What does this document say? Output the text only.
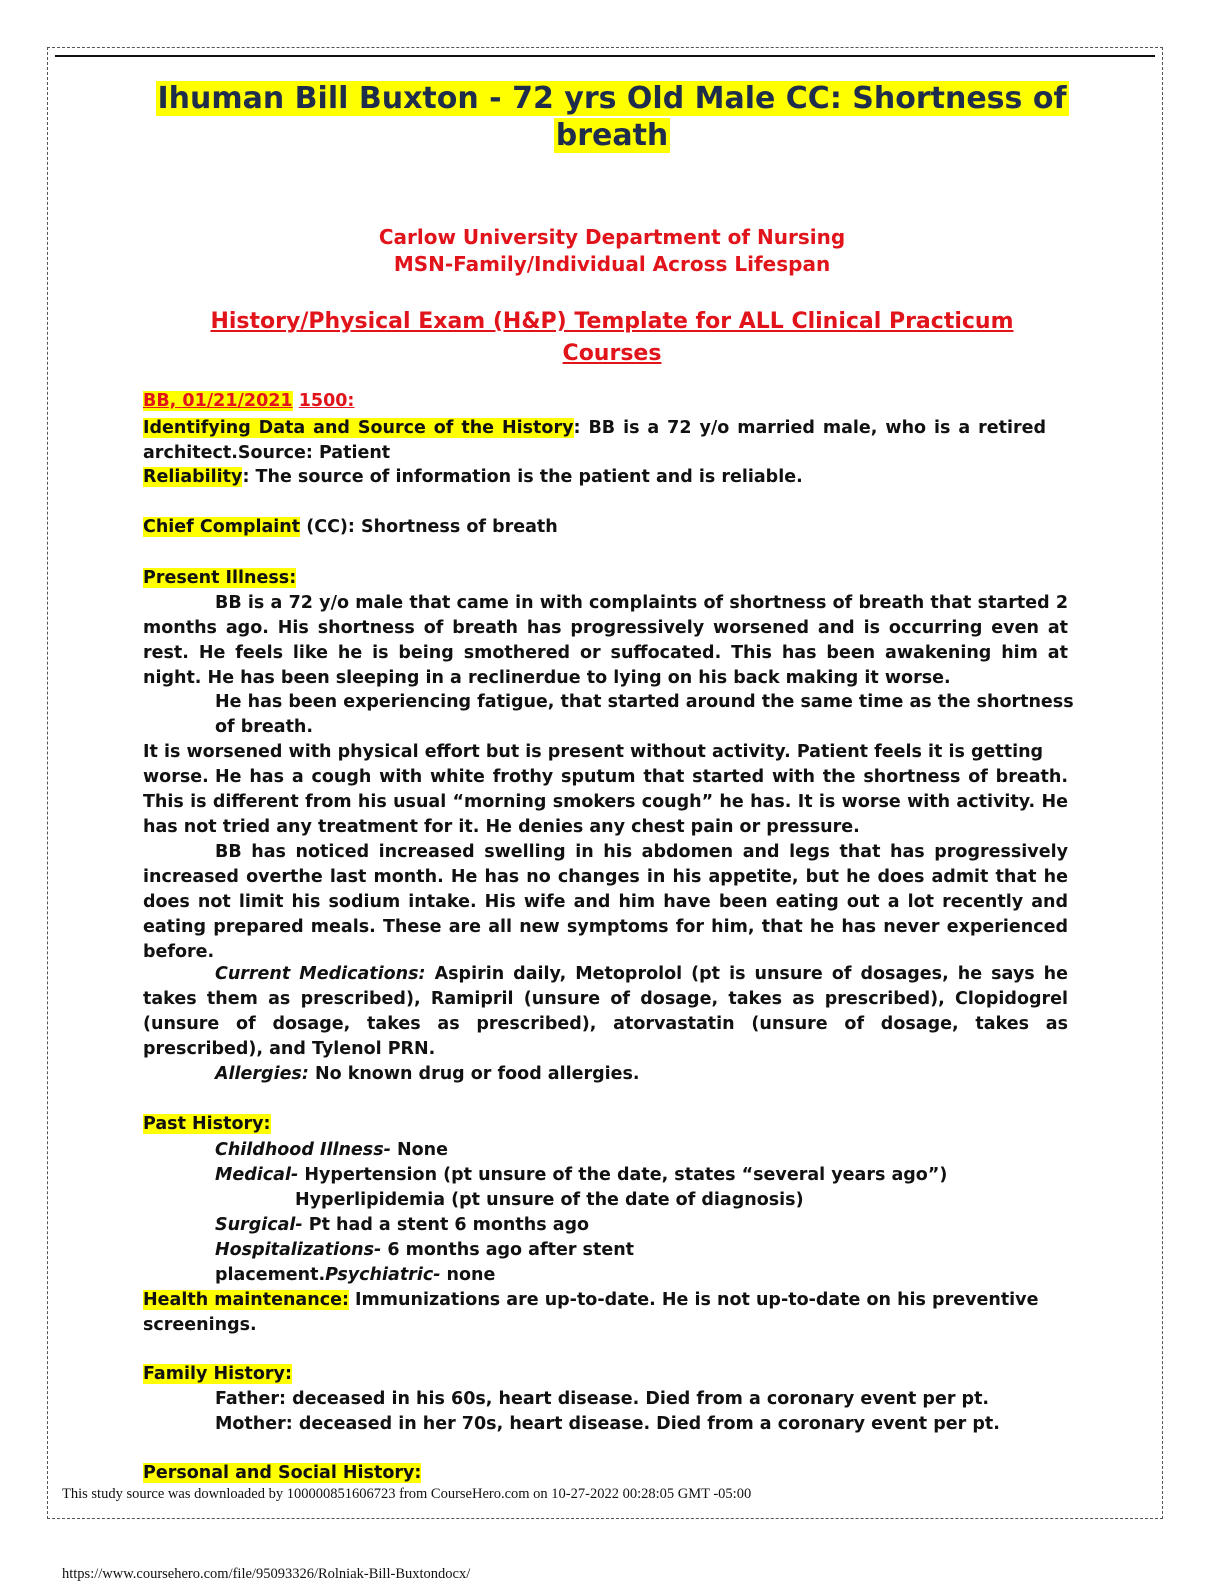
Ihuman Bill Buxton - 72 yrs Old Male CC: Shortness of
breath
Carlow University Department of Nursing
MSN-Family/Individual Across Lifespan
History/Physical Exam (H&P) Template for ALL Clinical Practicum
Courses
BB, 01/21/2021 1500:
Identifying Data and Source of the History: BB is a 72 y/o married male, who is a retired architect.Source: Patient
Reliability: The source of information is the patient and is reliable.
Chief Complaint (CC): Shortness of breath
Present Illness:
BB is a 72 y/o male that came in with complaints of shortness of breath that started 2 months ago. His shortness of breath has progressively worsened and is occurring even at rest. He feels like he is being smothered or suffocated. This has been awakening him at night. He has been sleeping in a reclinerdue to lying on his back making it worse.
He has been experiencing fatigue, that started around the same time as the shortness of breath.
It is worsened with physical effort but is present without activity. Patient feels it is getting worse. He has a cough with white frothy sputum that started with the shortness of breath. This is different from his usual “morning smokers cough” he has. It is worse with activity. He has not tried any treatment for it. He denies any chest pain or pressure.
BB has noticed increased swelling in his abdomen and legs that has progressively increased overthe last month. He has no changes in his appetite, but he does admit that he does not limit his sodium intake. His wife and him have been eating out a lot recently and eating prepared meals. These are all new symptoms for him, that he has never experienced before.
Current Medications: Aspirin daily, Metoprolol (pt is unsure of dosages, he says he takes them as prescribed), Ramipril (unsure of dosage, takes as prescribed), Clopidogrel (unsure of dosage, takes as prescribed), atorvastatin (unsure of dosage, takes as prescribed), and Tylenol PRN.
Allergies: No known drug or food allergies.
Past History:
Childhood Illness- None
Medical- Hypertension (pt unsure of the date, states “several years ago”)
Hyperlipidemia (pt unsure of the date of diagnosis)
Surgical- Pt had a stent 6 months ago
Hospitalizations- 6 months ago after stent
placement.Psychiatric- none
Health maintenance: Immunizations are up-to-date. He is not up-to-date on his preventive screenings.
Family History:
Father: deceased in his 60s, heart disease. Died from a coronary event per pt.
Mother: deceased in her 70s, heart disease. Died from a coronary event per pt.
Personal and Social History:
This study source was downloaded by 100000851606723 from CourseHero.com on 10-27-2022 00:28:05 GMT -05:00
https://www.coursehero.com/file/95093326/Rolniak-Bill-Buxtondocx/
